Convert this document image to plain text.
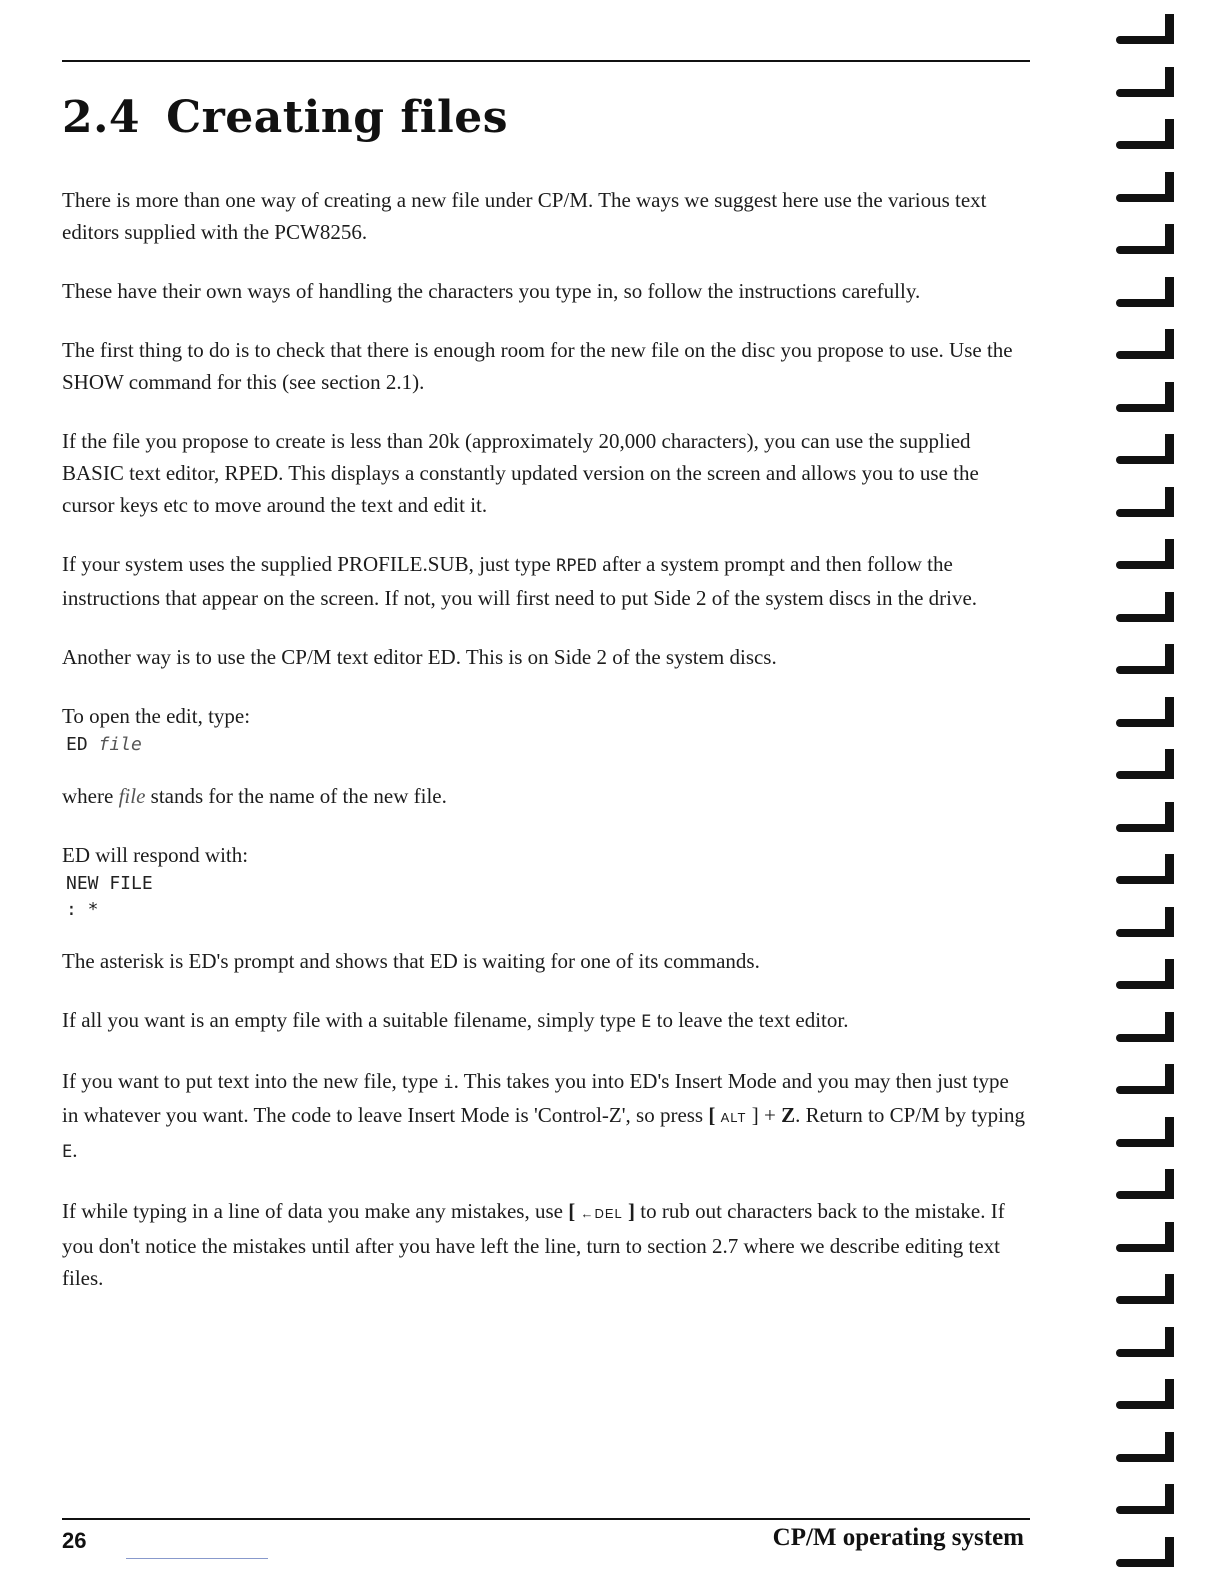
2.4 Creating files

There is more than one way of creating a new file under CP/M. The ways we suggest here use the various text editors supplied with the PCW8256.

These have their own ways of handling the characters you type in, so follow the instructions carefully.

The first thing to do is to check that there is enough room for the new file on the disc you propose to use. Use the SHOW command for this (see section 2.1).

If the file you propose to create is less than 20k (approximately 20,000 characters), you can use the supplied BASIC text editor, RPED. This displays a constantly updated version on the screen and allows you to use the cursor keys etc to move around the text and edit it.

If your system uses the supplied PROFILE.SUB, just type RPED after a system prompt and then follow the instructions that appear on the screen. If not, you will first need to put Side 2 of the system discs in the drive.

Another way is to use the CP/M text editor ED. This is on Side 2 of the system discs.

To open the edit, type:

ED file

where file stands for the name of the new file.

ED will respond with:

NEW FILE

: *

The asterisk is ED's prompt and shows that ED is waiting for one of its commands.

If all you want is an empty file with a suitable filename, simply type E to leave the text editor.

If you want to put text into the new file, type i. This takes you into ED's Insert Mode and you may then just type in whatever you want. The code to leave Insert Mode is 'Control-Z', so press [ ALT ] + Z. Return to CP/M by typing E.

If while typing in a line of data you make any mistakes, use [ ←DEL ] to rub out characters back to the mistake. If you don't notice the mistakes until after you have left the line, turn to section 2.7 where we describe editing text files.

26	CP/M operating system
